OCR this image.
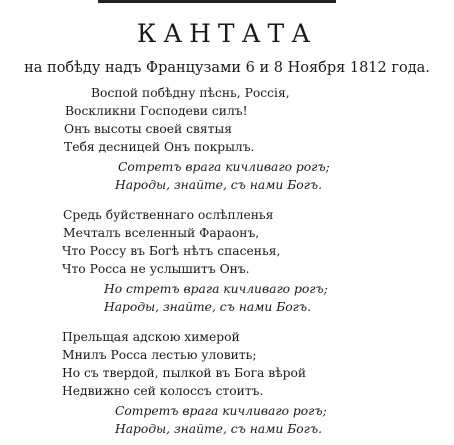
КАНТАТА
на побѣду надъ Французами 6 и 8 Ноября 1812 года.
Воспой побѣдну пѣснь, Россія,
Воскликни Господеви силъ!
Онъ высоты своей святыя
Тебя десницей Онъ покрылъ.
Сотретъ врага кичливаго рогъ;
Народы, знайте, съ нами Богъ.
Средь буйственнаго ослѣпленья
Мечталъ вселенный Фараонъ,
Что Россу въ Богѣ нѣтъ спасенья,
Что Росса не услышитъ Онъ.
Но стретъ врага кичливаго рогъ;
Народы, знайте, съ нами Богъ.
Прельщая адскою химерой
Мнилъ Росса лестью уловить;
Но съ твердой, пылкой въ Бога вѣрой
Недвижно сей колоссъ стоитъ.
Сотретъ врага кичливаго рогъ;
Народы, знайте, съ нами Богъ.
